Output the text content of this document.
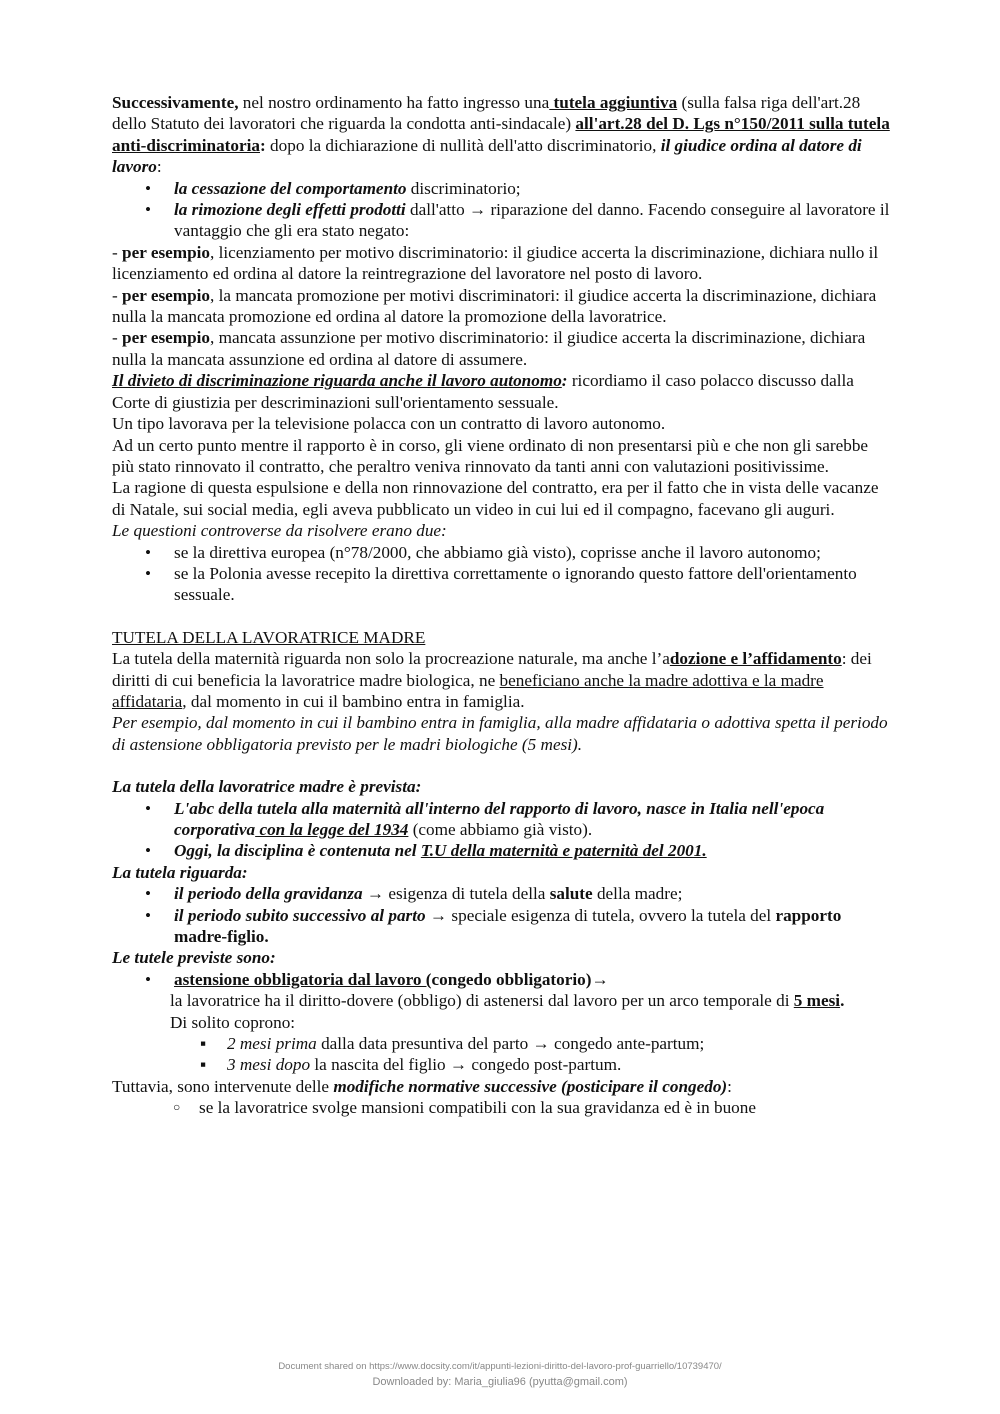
Successivamente, nel nostro ordinamento ha fatto ingresso una tutela aggiuntiva (sulla falsa riga dell'art.28 dello Statuto dei lavoratori che riguarda la condotta anti-sindacale) all'art.28 del D. Lgs n°150/2011 sulla tutela anti-discriminatoria: dopo la dichiarazione di nullità dell'atto discriminatorio, il giudice ordina al datore di lavoro:

• la cessazione del comportamento discriminatorio;
• la rimozione degli effetti prodotti dall'atto → riparazione del danno. Facendo conseguire al lavoratore il vantaggio che gli era stato negato:

- per esempio, licenziamento per motivo discriminatorio: il giudice accerta la discriminazione, dichiara nullo il licenziamento ed ordina al datore la reintregrazione del lavoratore nel posto di lavoro.

- per esempio, la mancata promozione per motivi discriminatori: il giudice accerta la discriminazione, dichiara nulla la mancata promozione ed ordina al datore la promozione della lavoratrice.

- per esempio, mancata assunzione per motivo discriminatorio: il giudice accerta la discriminazione, dichiara nulla la mancata assunzione ed ordina al datore di assumere.

Il divieto di discriminazione riguarda anche il lavoro autonomo: ricordiamo il caso polacco discusso dalla Corte di giustizia per descriminazioni sull'orientamento sessuale.

Un tipo lavorava per la televisione polacca con un contratto di lavoro autonomo.

Ad un certo punto mentre il rapporto è in corso, gli viene ordinato di non presentarsi più e che non gli sarebbe più stato rinnovato il contratto, che peraltro veniva rinnovato da tanti anni con valutazioni positivissime.

La ragione di questa espulsione e della non rinnovazione del contratto, era per il fatto che in vista delle vacanze di Natale, sui social media, egli aveva pubblicato un video in cui lui ed il compagno, facevano gli auguri.

Le questioni controverse da risolvere erano due:

• se la direttiva europea (n°78/2000, che abbiamo già visto), coprisse anche il lavoro autonomo;
• se la Polonia avesse recepito la direttiva correttamente o ignorando questo fattore dell'orientamento sessuale.

TUTELA DELLA LAVORATRICE MADRE

La tutela della maternità riguarda non solo la procreazione naturale, ma anche l’adozione e l’affidamento: dei diritti di cui beneficia la lavoratrice madre biologica, ne beneficiano anche la madre adottiva e la madre affidataria, dal momento in cui il bambino entra in famiglia.

Per esempio, dal momento in cui il bambino entra in famiglia, alla madre affidataria o adottiva spetta il periodo di astensione obbligatoria previsto per le madri biologiche (5 mesi).

La tutela della lavoratrice madre è prevista:

• L'abc della tutela alla maternità all'interno del rapporto di lavoro, nasce in Italia nell'epoca corporativa con la legge del 1934 (come abbiamo già visto).
• Oggi, la disciplina è contenuta nel T.U della maternità e paternità del 2001.

La tutela riguarda:

• il periodo della gravidanza → esigenza di tutela della salute della madre;
• il periodo subito successivo al parto → speciale esigenza di tutela, ovvero la tutela del rapporto madre-figlio.

Le tutele previste sono:

• astensione obbligatoria dal lavoro (congedo obbligatorio)→

la lavoratrice ha il diritto-dovere (obbligo) di astenersi dal lavoro per un arco temporale di 5 mesi.

Di solito coprono:

▪ 2 mesi prima dalla data presuntiva del parto → congedo ante-partum;
▪ 3 mesi dopo la nascita del figlio → congedo post-partum.

Tuttavia, sono intervenute delle modifiche normative successive (posticipare il congedo):

○ se la lavoratrice svolge mansioni compatibili con la sua gravidanza ed è in buone
Document shared on https://www.docsity.com/it/appunti-lezioni-diritto-del-lavoro-prof-guarriello/10739470/
Downloaded by: Maria_giulia96 (pyutta@gmail.com)
